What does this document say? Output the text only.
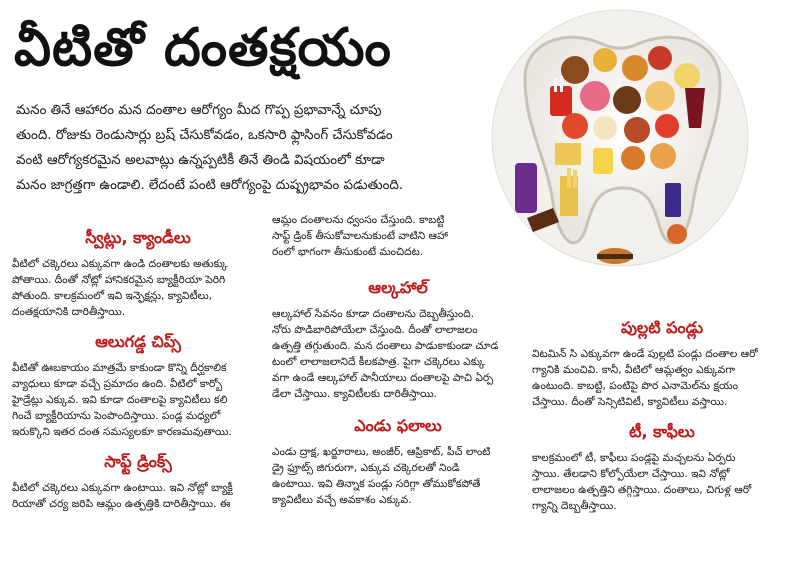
వీటితో దంతక్షయం
మనం తినే ఆహారం మన దంతాల ఆరోగ్యం మీద గొప్ప ప్రభావాన్నే చూపు
తుంది. రోజుకు రెండుసార్లు బ్రష్ చేసుకోవడం, ఒకసారి ఫ్లాసింగ్ చేసుకోవడం
వంటి ఆరోగ్యకరమైన అలవాట్లు ఉన్నప్పటికీ తినే తిండి విషయంలో కూడా
మనం జాగ్రత్తగా ఉండాలి. లేదంటే పంటి ఆరోగ్యంపై దుష్ప్రభావం పడుతుంది.
స్వీట్లు, క్యాండీలు
వీటిలో చక్కెరలు ఎక్కువగా ఉండి దంతాలకు అతుక్కు
పోతాయి. దీంతో నోట్లో హానికరమైన బ్యాక్టీరియా పెరిగి
పోతుంది. కాలక్రమంలో ఇవి ఇన్ఫెక్షన్లు, క్యావిటీలు,
దంతక్షయానికి దారితీస్తాయి.
ఆలుగడ్డ చిప్స్
వీటితో ఊబకాయం మాత్రమే కాకుండా కొన్ని దీర్ఘకాలిక
వ్యాధులు కూడా వచ్చే ప్రమాదం ఉంది. వీటిలో కార్బో
హైడ్రేట్లు ఎక్కువ. ఇవి కూడా దంతాలపై క్యావిటీలు కలి
గించే బ్యాక్టీరియాను పెంపొందిస్తాయి. పండ్ల మధ్యలో
ఇరుక్కొని ఇతర దంత సమస్యలకూ కారణమవుతాయి.
సాఫ్ట్ డ్రింక్స్
వీటిలో చక్కెరలు ఎక్కువగా ఉంటాయి. ఇవి నోట్లో బ్యాక్టీ
రియాతో చర్య జరిపి ఆమ్లం ఉత్పత్తికి దారితీస్తాయి. ఈ
ఆమ్లం దంతాలను ధ్వంసం చేస్తుంది. కాబట్టి
సాఫ్ట్ డ్రింక్ తీసుకోవాలనుకుంటే వాటిని ఆహా
రంలో భాగంగా తీసుకుంటే మంచిదట.
ఆల్కహాల్
ఆల్కహాల్ సేవనం కూడా దంతాలను దెబ్బతీస్తుంది.
నోరు పొడిబారిపోయేలా చేస్తుంది. దీంతో లాలాజలం
ఉత్పత్తి తగ్గుతుంది. మన దంతాలు పాడుకాకుండా చూడ
టంలో లాలాజలానిదే కీలకపాత్ర. పైగా చక్కెరలు ఎక్కు
వగా ఉండే ఆల్కహాల్ పానీయాలు దంతాలపై పాచి ఏర్ప
డేలా చేస్తాయి. క్యావిటీలకు దారితీస్తాయి.
ఎండు ఫలాలు
ఎండు ద్రాక్ష, ఖర్జూరాలు, అంజీర్, ఆప్రికాట్, పీచ్ లాంటి
డ్రై ఫ్రూట్స్ జిగురుగా, ఎక్కువ చక్కెరలతో నిండి
ఉంటాయి. ఇవి తిన్నాక పండ్లు సరిగ్గా తోముకోకపోతే
క్యావిటీలు వచ్చే అవకాశం ఎక్కువ.
పుల్లటి పండ్లు
విటమిన్ సి ఎక్కువగా ఉండే పుల్లటి పండ్లు దంతాల ఆరో
గ్యానికి మంచివి. కానీ, వీటిలో ఆమ్లత్వం ఎక్కువగా
ఉంటుంది. కాబట్టి, పంటిపై పొర ఎనామెల్‌ను క్షయం
చేస్తాయి. దీంతో సెన్సిటివిటీ, క్యావిటీలు వస్తాయి.
టీ, కాఫీలు
కాలక్రమంలో టీ, కాఫీలు పండ్లపై మచ్చలను ఏర్పరు
స్తాయి. తేలడాని కోల్పోయేలా చేస్తాయి. ఇవి నోట్లో
లాలాజలం ఉత్పత్తిని తగ్గిస్తాయి. దంతాలు, చిగుళ్ల ఆరో
గ్యాన్ని దెబ్బతీస్తాయి.
